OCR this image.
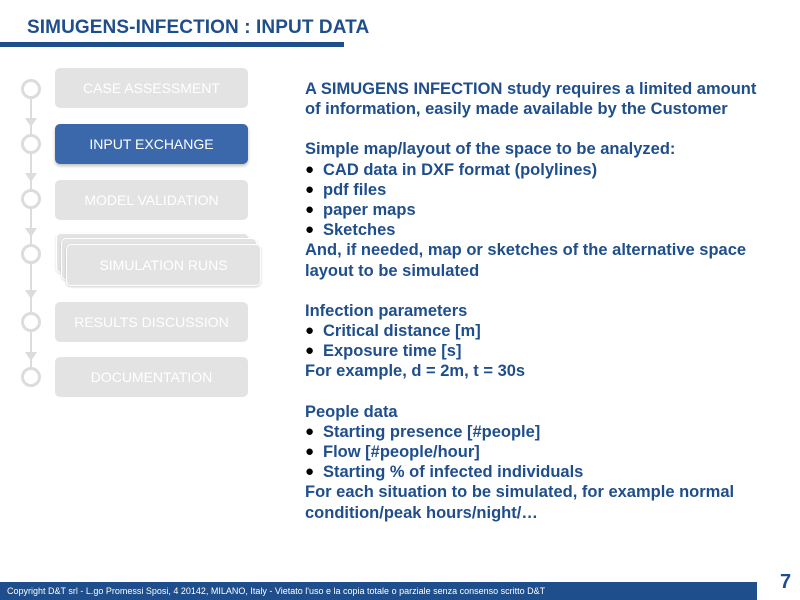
SIMUGENS-INFECTION : INPUT DATA
CASE ASSESSMENT
INPUT EXCHANGE
MODEL VALIDATION
SIMULATION RUNS
RESULTS DISCUSSION
DOCUMENTATION
A SIMUGENS INFECTION study requires a limited amount of information, easily made available by the Customer
Simple map/layout of the space to be analyzed:
● CAD data in DXF format (polylines)
● pdf files
● paper maps
● Sketches
And, if needed, map or sketches of the alternative space layout to be simulated
Infection parameters
● Critical distance [m]
● Exposure time [s]
For example, d = 2m, t = 30s
People data
● Starting presence [#people]
● Flow [#people/hour]
● Starting % of infected individuals
For each situation to be simulated, for example normal condition/peak hours/night/…
Copyright D&T srl - L.go Promessi Sposi, 4 20142, MILANO, Italy - Vietato l'uso e la copia totale o parziale senza consenso scritto D&T	7
